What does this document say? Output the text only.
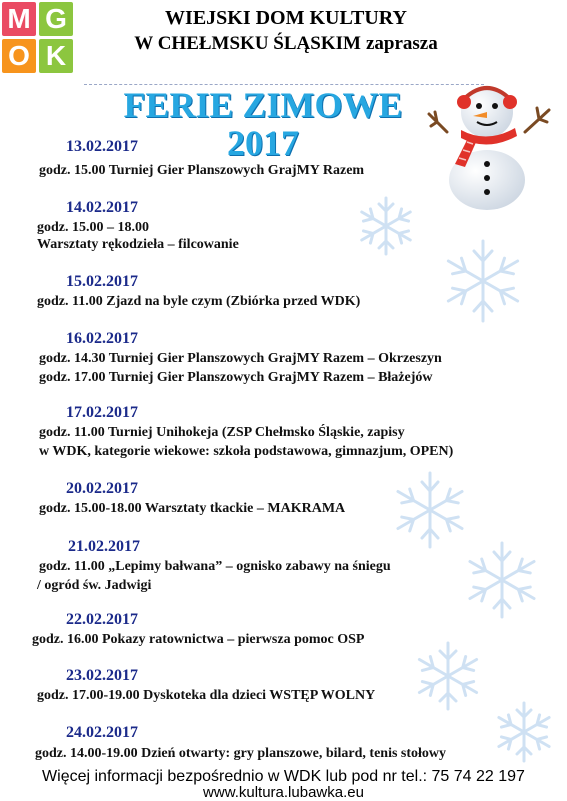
M G
O K
WIEJSKI DOM KULTURY
W CHEŁMSKU ŚLĄSKIM zaprasza
FERIE ZIMOWE
2017
13.02.2017
godz. 15.00 Turniej Gier Planszowych GrajMY Razem
14.02.2017
godz. 15.00 – 18.00
Warsztaty rękodzieła – filcowanie
15.02.2017
godz. 11.00 Zjazd na byle czym (Zbiórka przed WDK)
16.02.2017
godz. 14.30 Turniej Gier Planszowych GrajMY Razem – Okrzeszyn
godz. 17.00 Turniej Gier Planszowych GrajMY Razem – Błażejów
17.02.2017
godz. 11.00 Turniej Unihokeja (ZSP Chełmsko Śląskie, zapisy
w WDK, kategorie wiekowe: szkoła podstawowa, gimnazjum, OPEN)
20.02.2017
godz. 15.00-18.00 Warsztaty tkackie – MAKRAMA
21.02.2017
godz. 11.00 „Lepimy bałwana” – ognisko zabawy na śniegu
/ ogród św. Jadwigi
22.02.2017
godz. 16.00 Pokazy ratownictwa – pierwsza pomoc OSP
23.02.2017
godz. 17.00-19.00 Dyskoteka dla dzieci WSTĘP WOLNY
24.02.2017
godz. 14.00-19.00 Dzień otwarty: gry planszowe, bilard, tenis stołowy
Więcej informacji bezpośrednio w WDK lub pod nr tel.: 75 74 22 197
www.kultura.lubawka.eu
